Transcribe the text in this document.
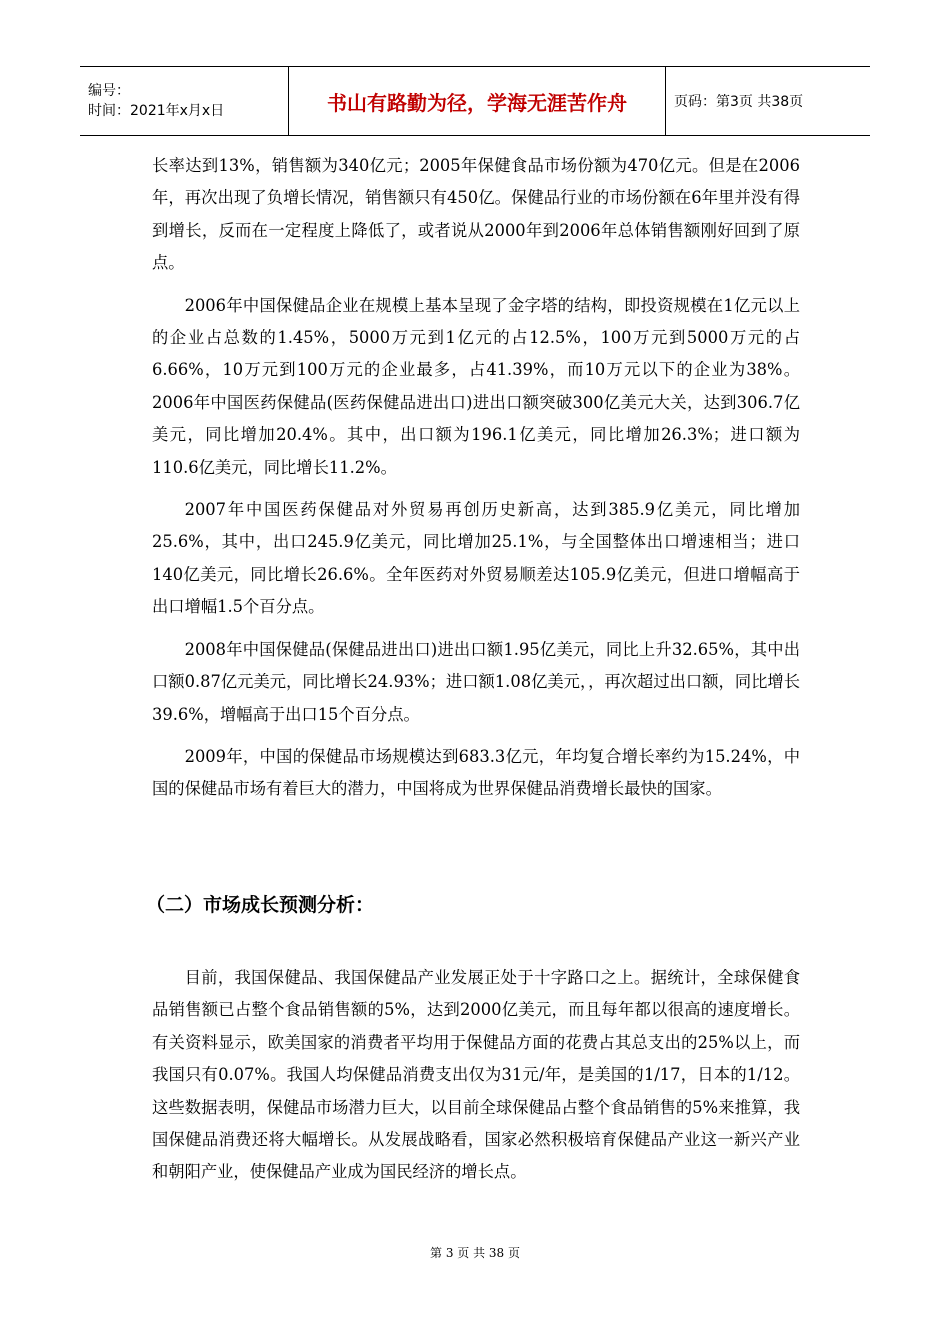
编号：
时间：2021年x月x日	书山有路勤为径，学海无涯苦作舟	页码：第3页 共38页

长率达到13%，销售额为340亿元；2005年保健食品市场份额为470亿元。但是在2006年，再次出现了负增长情况，销售额只有450亿。保健品行业的市场份额在6年里并没有得到增长，反而在一定程度上降低了，或者说从2000年到2006年总体销售额刚好回到了原点。

2006年中国保健品企业在规模上基本呈现了金字塔的结构，即投资规模在1亿元以上的企业占总数的1.45%，5000万元到1亿元的占12.5%，100万元到5000万元的占6.66%，10万元到100万元的企业最多，占41.39%，而10万元以下的企业为38%。2006年中国医药保健品(医药保健品进出口)进出口额突破300亿美元大关，达到306.7亿美元，同比增加20.4%。其中，出口额为196.1亿美元，同比增加26.3%；进口额为110.6亿美元，同比增长11.2%。

2007年中国医药保健品对外贸易再创历史新高，达到385.9亿美元，同比增加25.6%，其中，出口245.9亿美元，同比增加25.1%，与全国整体出口增速相当；进口140亿美元，同比增长26.6%。全年医药对外贸易顺差达105.9亿美元，但进口增幅高于出口增幅1.5个百分点。

2008年中国保健品(保健品进出口)进出口额1.95亿美元，同比上升32.65%，其中出口额0.87亿元美元，同比增长24.93%；进口额1.08亿美元，，再次超过出口额，同比增长39.6%，增幅高于出口15个百分点。

2009年，中国的保健品市场规模达到683.3亿元，年均复合增长率约为15.24%，中国的保健品市场有着巨大的潜力，中国将成为世界保健品消费增长最快的国家。

（二）市场成长预测分析：

目前，我国保健品、我国保健品产业发展正处于十字路口之上。据统计，全球保健食品销售额已占整个食品销售额的5%，达到2000亿美元，而且每年都以很高的速度增长。有关资料显示，欧美国家的消费者平均用于保健品方面的花费占其总支出的25%以上，而我国只有0.07%。我国人均保健品消费支出仅为31元/年，是美国的1/17，日本的1/12。这些数据表明，保健品市场潜力巨大，以目前全球保健品占整个食品销售的5%来推算，我国保健品消费还将大幅增长。从发展战略看，国家必然积极培育保健品产业这一新兴产业和朝阳产业，使保健品产业成为国民经济的增长点。

第 3 页 共 38 页
